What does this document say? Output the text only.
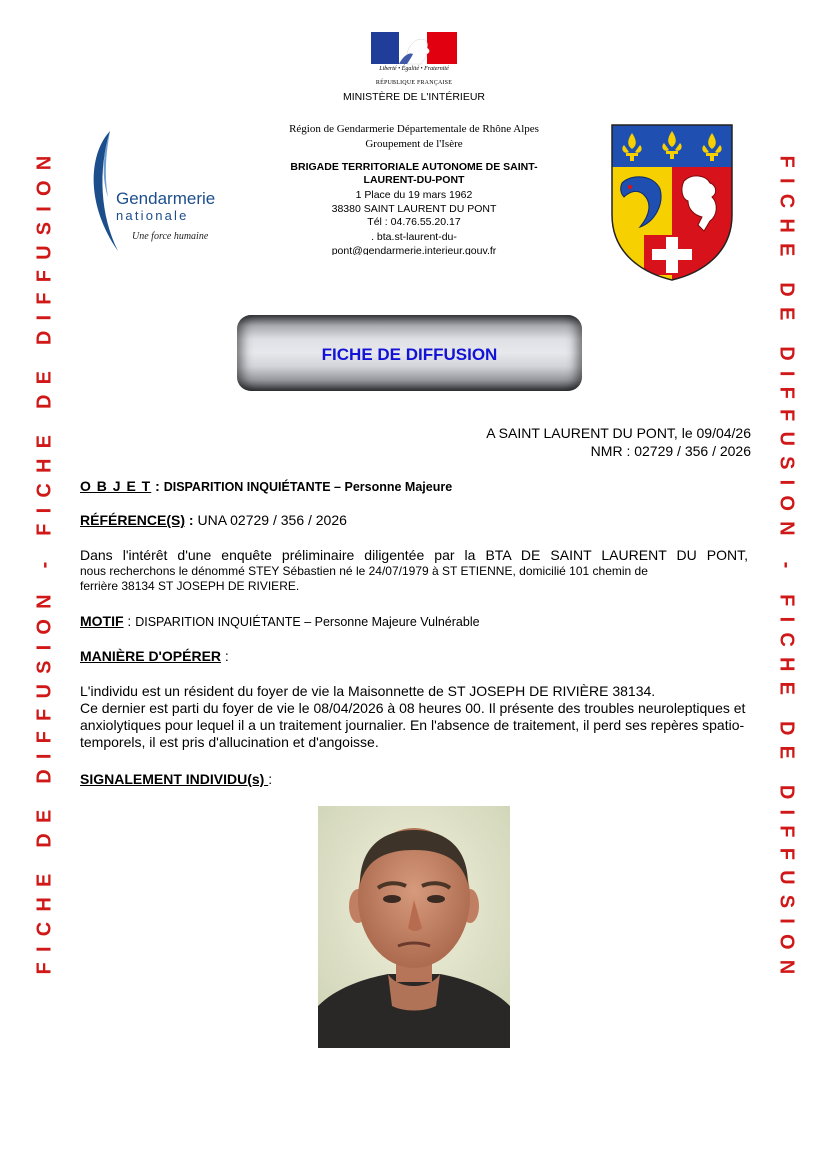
FICHE DE DIFFUSION - FICHE DE DIFFUSION	FICHE DE DIFFUSION - FICHE DE DIFFUSION
Liberté • Égalité • Fraternité
RÉPUBLIQUE FRANÇAISE
MINISTÈRE DE L'INTÉRIEUR
Gendarmerie
nationale
Une force humaine
Région de Gendarmerie Départementale de Rhône Alpes
Groupement de l'Isère
BRIGADE TERRITORIALE AUTONOME DE SAINT-
LAURENT-DU-PONT
1 Place du 19 mars 1962
38380 SAINT LAURENT DU PONT
Tél : 04.76.55.20.17
. bta.st-laurent-du-
pont@gendarmerie.interieur.gouv.fr
FICHE DE DIFFUSION
A SAINT LAURENT DU PONT, le 09/04/26
NMR : 02729 / 356 / 2026
O B J E T : DISPARITION INQUIÉTANTE – Personne Majeure
RÉFÉRENCE(S) : UNA 02729 / 356 / 2026
Dans l'intérêt d'une enquête préliminaire diligentée par la BTA DE SAINT LAURENT DU PONT,
nous recherchons le dénommé STEY Sébastien né le 24/07/1979 à ST ETIENNE, domicilié 101 chemin de
ferrière 38134 ST JOSEPH DE RIVIERE.
MOTIF : DISPARITION INQUIÉTANTE – Personne Majeure Vulnérable
MANIÈRE D'OPÉRER :
L'individu est un résident du foyer de vie la Maisonnette de ST JOSEPH DE RIVIÈRE 38134.
Ce dernier est parti du foyer de vie le 08/04/2026 à 08 heures 00. Il présente des troubles neuroleptiques et
anxiolytiques pour lequel il a un traitement journalier. En l'absence de traitement, il perd ses repères spatio-
temporels, il est pris d'allucination et d'angoisse.
SIGNALEMENT INDIVIDU(s) :
